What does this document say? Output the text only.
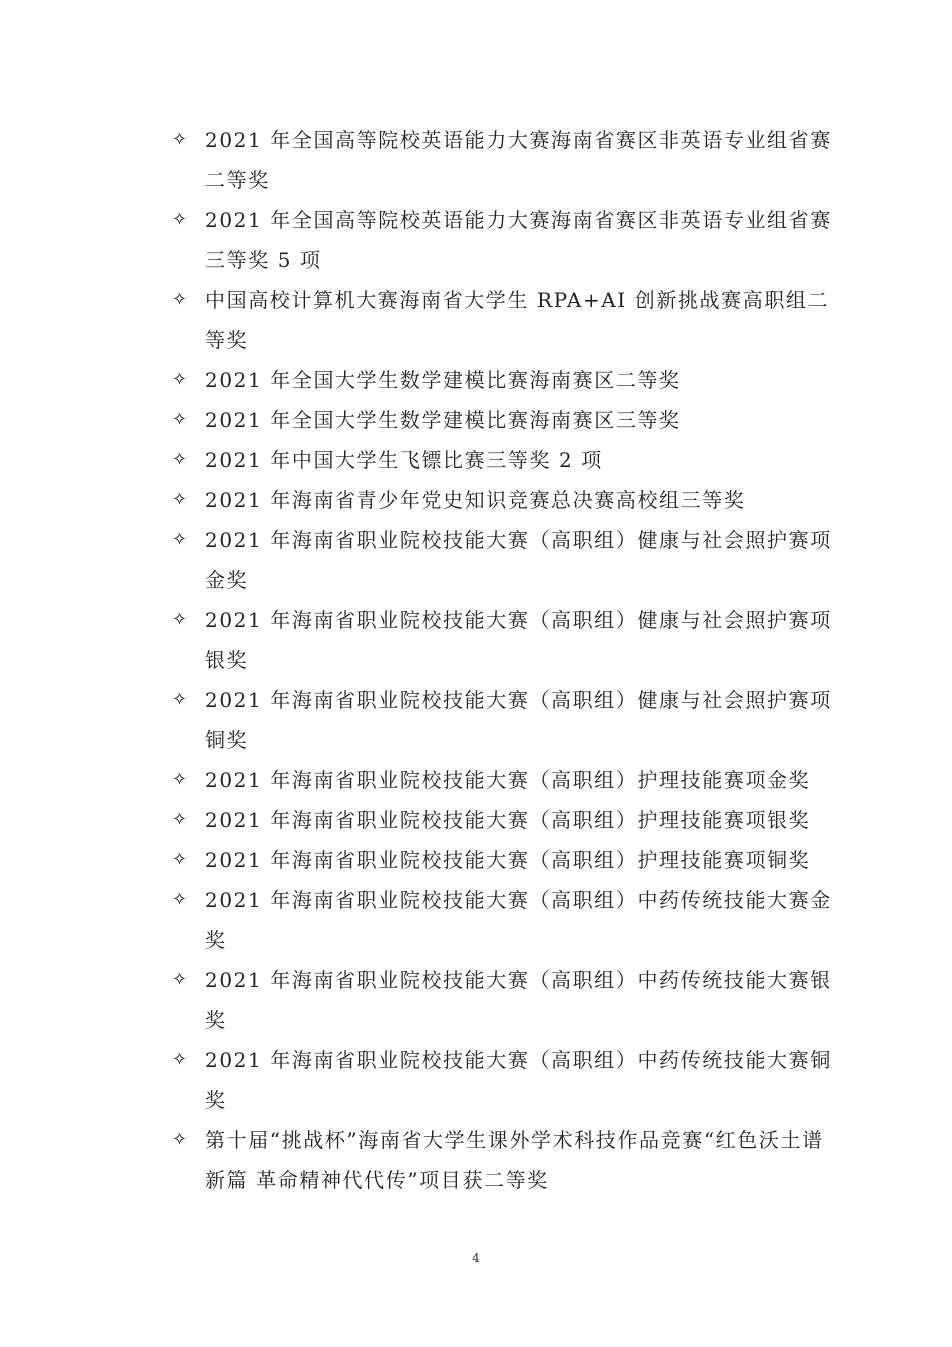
✧ 2021 年全国高等院校英语能力大赛海南省赛区非英语专业组省赛二等奖
✧ 2021 年全国高等院校英语能力大赛海南省赛区非英语专业组省赛三等奖 5 项
✧ 中国高校计算机大赛海南省大学生 RPA+AI 创新挑战赛高职组二等奖
✧ 2021 年全国大学生数学建模比赛海南赛区二等奖
✧ 2021 年全国大学生数学建模比赛海南赛区三等奖
✧ 2021 年中国大学生飞镖比赛三等奖 2 项
✧ 2021 年海南省青少年党史知识竞赛总决赛高校组三等奖
✧ 2021 年海南省职业院校技能大赛（高职组）健康与社会照护赛项金奖
✧ 2021 年海南省职业院校技能大赛（高职组）健康与社会照护赛项银奖
✧ 2021 年海南省职业院校技能大赛（高职组）健康与社会照护赛项铜奖
✧ 2021 年海南省职业院校技能大赛（高职组）护理技能赛项金奖
✧ 2021 年海南省职业院校技能大赛（高职组）护理技能赛项银奖
✧ 2021 年海南省职业院校技能大赛（高职组）护理技能赛项铜奖
✧ 2021 年海南省职业院校技能大赛（高职组）中药传统技能大赛金奖
✧ 2021 年海南省职业院校技能大赛（高职组）中药传统技能大赛银奖
✧ 2021 年海南省职业院校技能大赛（高职组）中药传统技能大赛铜奖
✧ 第十届“挑战杯”海南省大学生课外学术科技作品竞赛“红色沃土谱新篇 革命精神代代传”项目获二等奖
4
